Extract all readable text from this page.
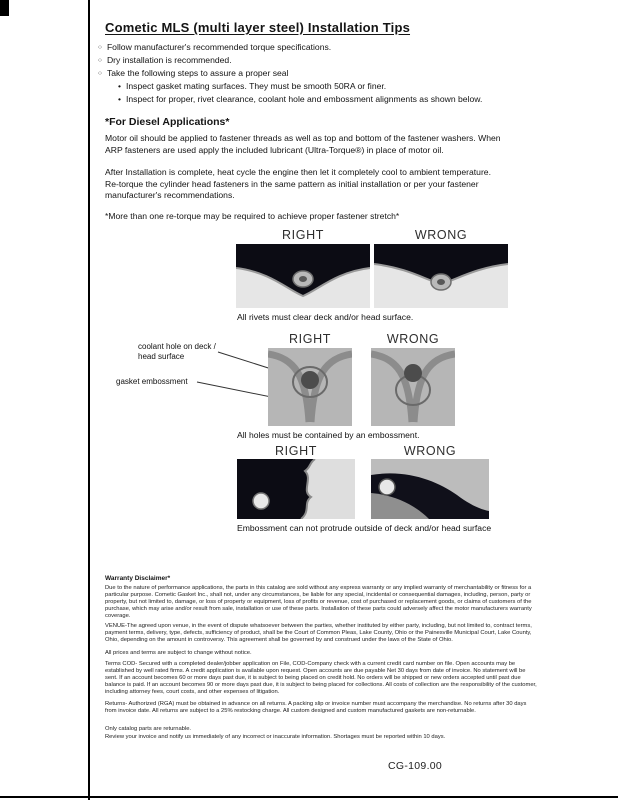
Cometic MLS (multi layer steel) Installation Tips
○ Follow manufacturer's recommended torque specifications.
○ Dry installation is recommended.
○ Take the following steps to assure a proper seal
• Inspect gasket mating surfaces. They must be smooth 50RA or finer.
• Inspect for proper, rivet clearance, coolant hole and embossment alignments as shown below.
*For Diesel Applications*
Motor oil should be applied to fastener threads as well as top and bottom of the fastener washers. When ARP fasteners are used apply the included lubricant (Ultra-Torque®) in place of motor oil.
After Installation is complete, heat cycle the engine then let it completely cool to ambient temperature. Re-torque the cylinder head fasteners in the same pattern as initial installation or per your fastener manufacturer's recommendations.
*More than one re-torque may be required to achieve proper fastener stretch*
RIGHT	WRONG
All rivets must clear deck and/or head surface.
RIGHT	WRONG
coolant hole on deck / head surface
gasket embossment
All holes must be contained by an embossment.
RIGHT	WRONG
Embossment can not protrude outside of deck and/or head surface
Warranty Disclaimer*
Due to the nature of performance applications, the parts in this catalog are sold without any express warranty or any implied warranty of merchantability or fitness for a particular purpose. Cometic Gasket Inc., shall not, under any circumstances, be liable for any special, incidental or consequential damages, including, person, party or property, but not limited to, damage, or loss of property or equipment, loss of profits or revenue, cost of purchased or replacement goods, or claims of customers of the purchase, which may arise and/or result from sale, installation or use of these parts. Installation of these parts could adversely affect the motor manufacturers warranty coverage.
VENUE-The agreed upon venue, in the event of dispute whatsoever between the parties, whether instituted by either party, including, but not limited to, contract terms, payment terms, delivery, type, defects, sufficiency of product, shall be the Court of Common Pleas, Lake County, Ohio or the Painesville Municipal Court, Lake County, Ohio, depending on the amount in controversy. This agreement shall be governed by and construed under the laws of the State of Ohio.
All prices and terms are subject to change without notice.
Terms COD- Secured with a completed dealer/jobber application on File, COD-Company check with a current credit card number on file. Open accounts may be established by well rated firms. A credit application is available upon request. Open accounts are due payable Net 30 days from date of invoice. No statement will be sent. If an account becomes 60 or more days past due, it is subject to being placed on credit hold. No orders will be shipped or new orders accepted until past due balance is paid. If an account becomes 90 or more days past due, it is subject to being placed for collections. All costs of collection are the responsibility of the customer, including attorney fees, court costs, and other expenses of litigation.
Returns- Authorized (RGA) must be obtained in advance on all returns. A packing slip or invoice number must accompany the merchandise. No returns after 30 days from invoice date. All returns are subject to a 25% restocking charge. All custom designed and custom manufactured gaskets are non-returnable.
Only catalog parts are returnable.
Review your invoice and notify us immediately of any incorrect or inaccurate information. Shortages must be reported within 10 days.
CG-109.00
